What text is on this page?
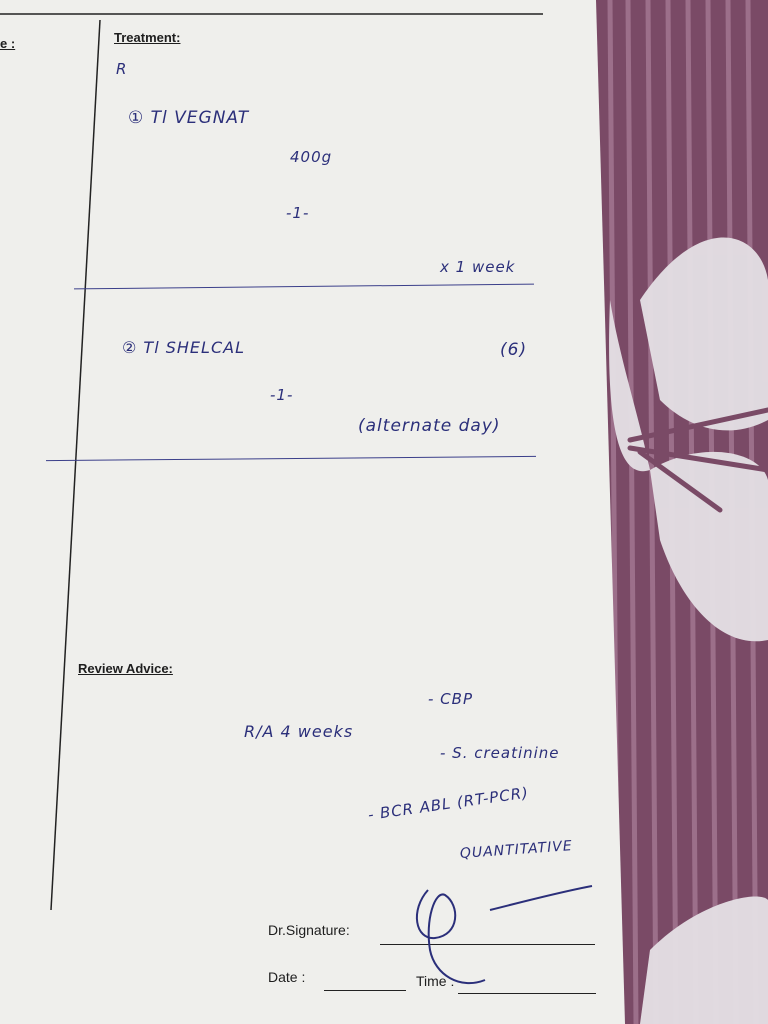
e :	Treatment:

Review Advice:

Dr.Signature:

Date :	Time :

R

① Tl VEGNAT

400g

-1-

x 1 week

② Tl SHELCAL	(6)

-1-

(alternate day)

R/A 4 weeks

- CBP

- S. creatinine

- BCR ABL (RT-PCR)

QUANTITATIVE
